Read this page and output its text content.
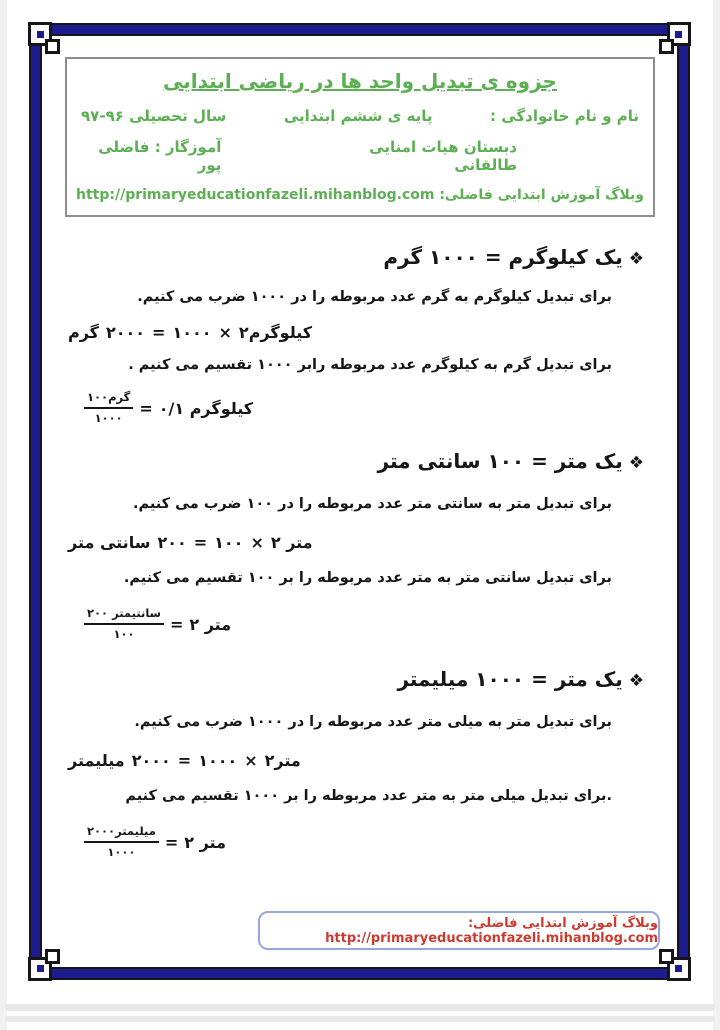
جزوه ی تبدیل واحد ها در ریاضی ابتدایی
نام و نام خانوادگی :
پایه ی ششم ابتدایی
سال تحصیلی ۹۶-۹۷
دبستان هیات امنایی طالقانی
آموزگار : فاضلی پور
وبلاگ آموزش ابتدایی فاضلی: http://primaryeducationfazeli.mihanblog.com
❖یک کیلوگرم = ۱۰۰۰ گرم

برای تبدیل کیلوگرم به گرم عدد مربوطه را در ۱۰۰۰ ضرب می کنیم.

گرم ۲۰۰۰ = ۱۰۰۰ × ۲کیلوگرم

برای تبدیل گرم به کیلوگرم عدد مربوطه رابر ۱۰۰۰ تقسیم می کنیم .

$\frac{\text{۱۰۰گرم}}{۱۰۰۰}$ = ۰/۱ کیلوگرم
❖یک متر = ۱۰۰ سانتی متر

برای تبدیل متر به سانتی متر عدد مربوطه را در ۱۰۰ ضرب می کنیم.

سانتی متر ۲۰۰ = ۱۰۰ × ۲ متر

برای تبدیل سانتی متر به متر عدد مربوطه را بر ۱۰۰ تقسیم می کنیم.

$\frac{\text{۲۰۰ سانتیمتر}}{۱۰۰}$ = ۲ متر
❖یک متر = ۱۰۰۰ میلیمتر

برای تبدیل متر به میلی متر عدد مربوطه را در ۱۰۰۰ ضرب می کنیم.

میلیمتر ۲۰۰۰ = ۱۰۰۰ × ۲متر

.برای تبدیل میلی متر به متر عدد مربوطه را بر ۱۰۰۰ تقسیم می کنیم

$\frac{\text{۲۰۰۰میلیمتر}}{۱۰۰۰}$ = ۲ متر
وبلاگ آموزش ابتدایی فاضلی: http://primaryeducationfazeli.mihanblog.com
